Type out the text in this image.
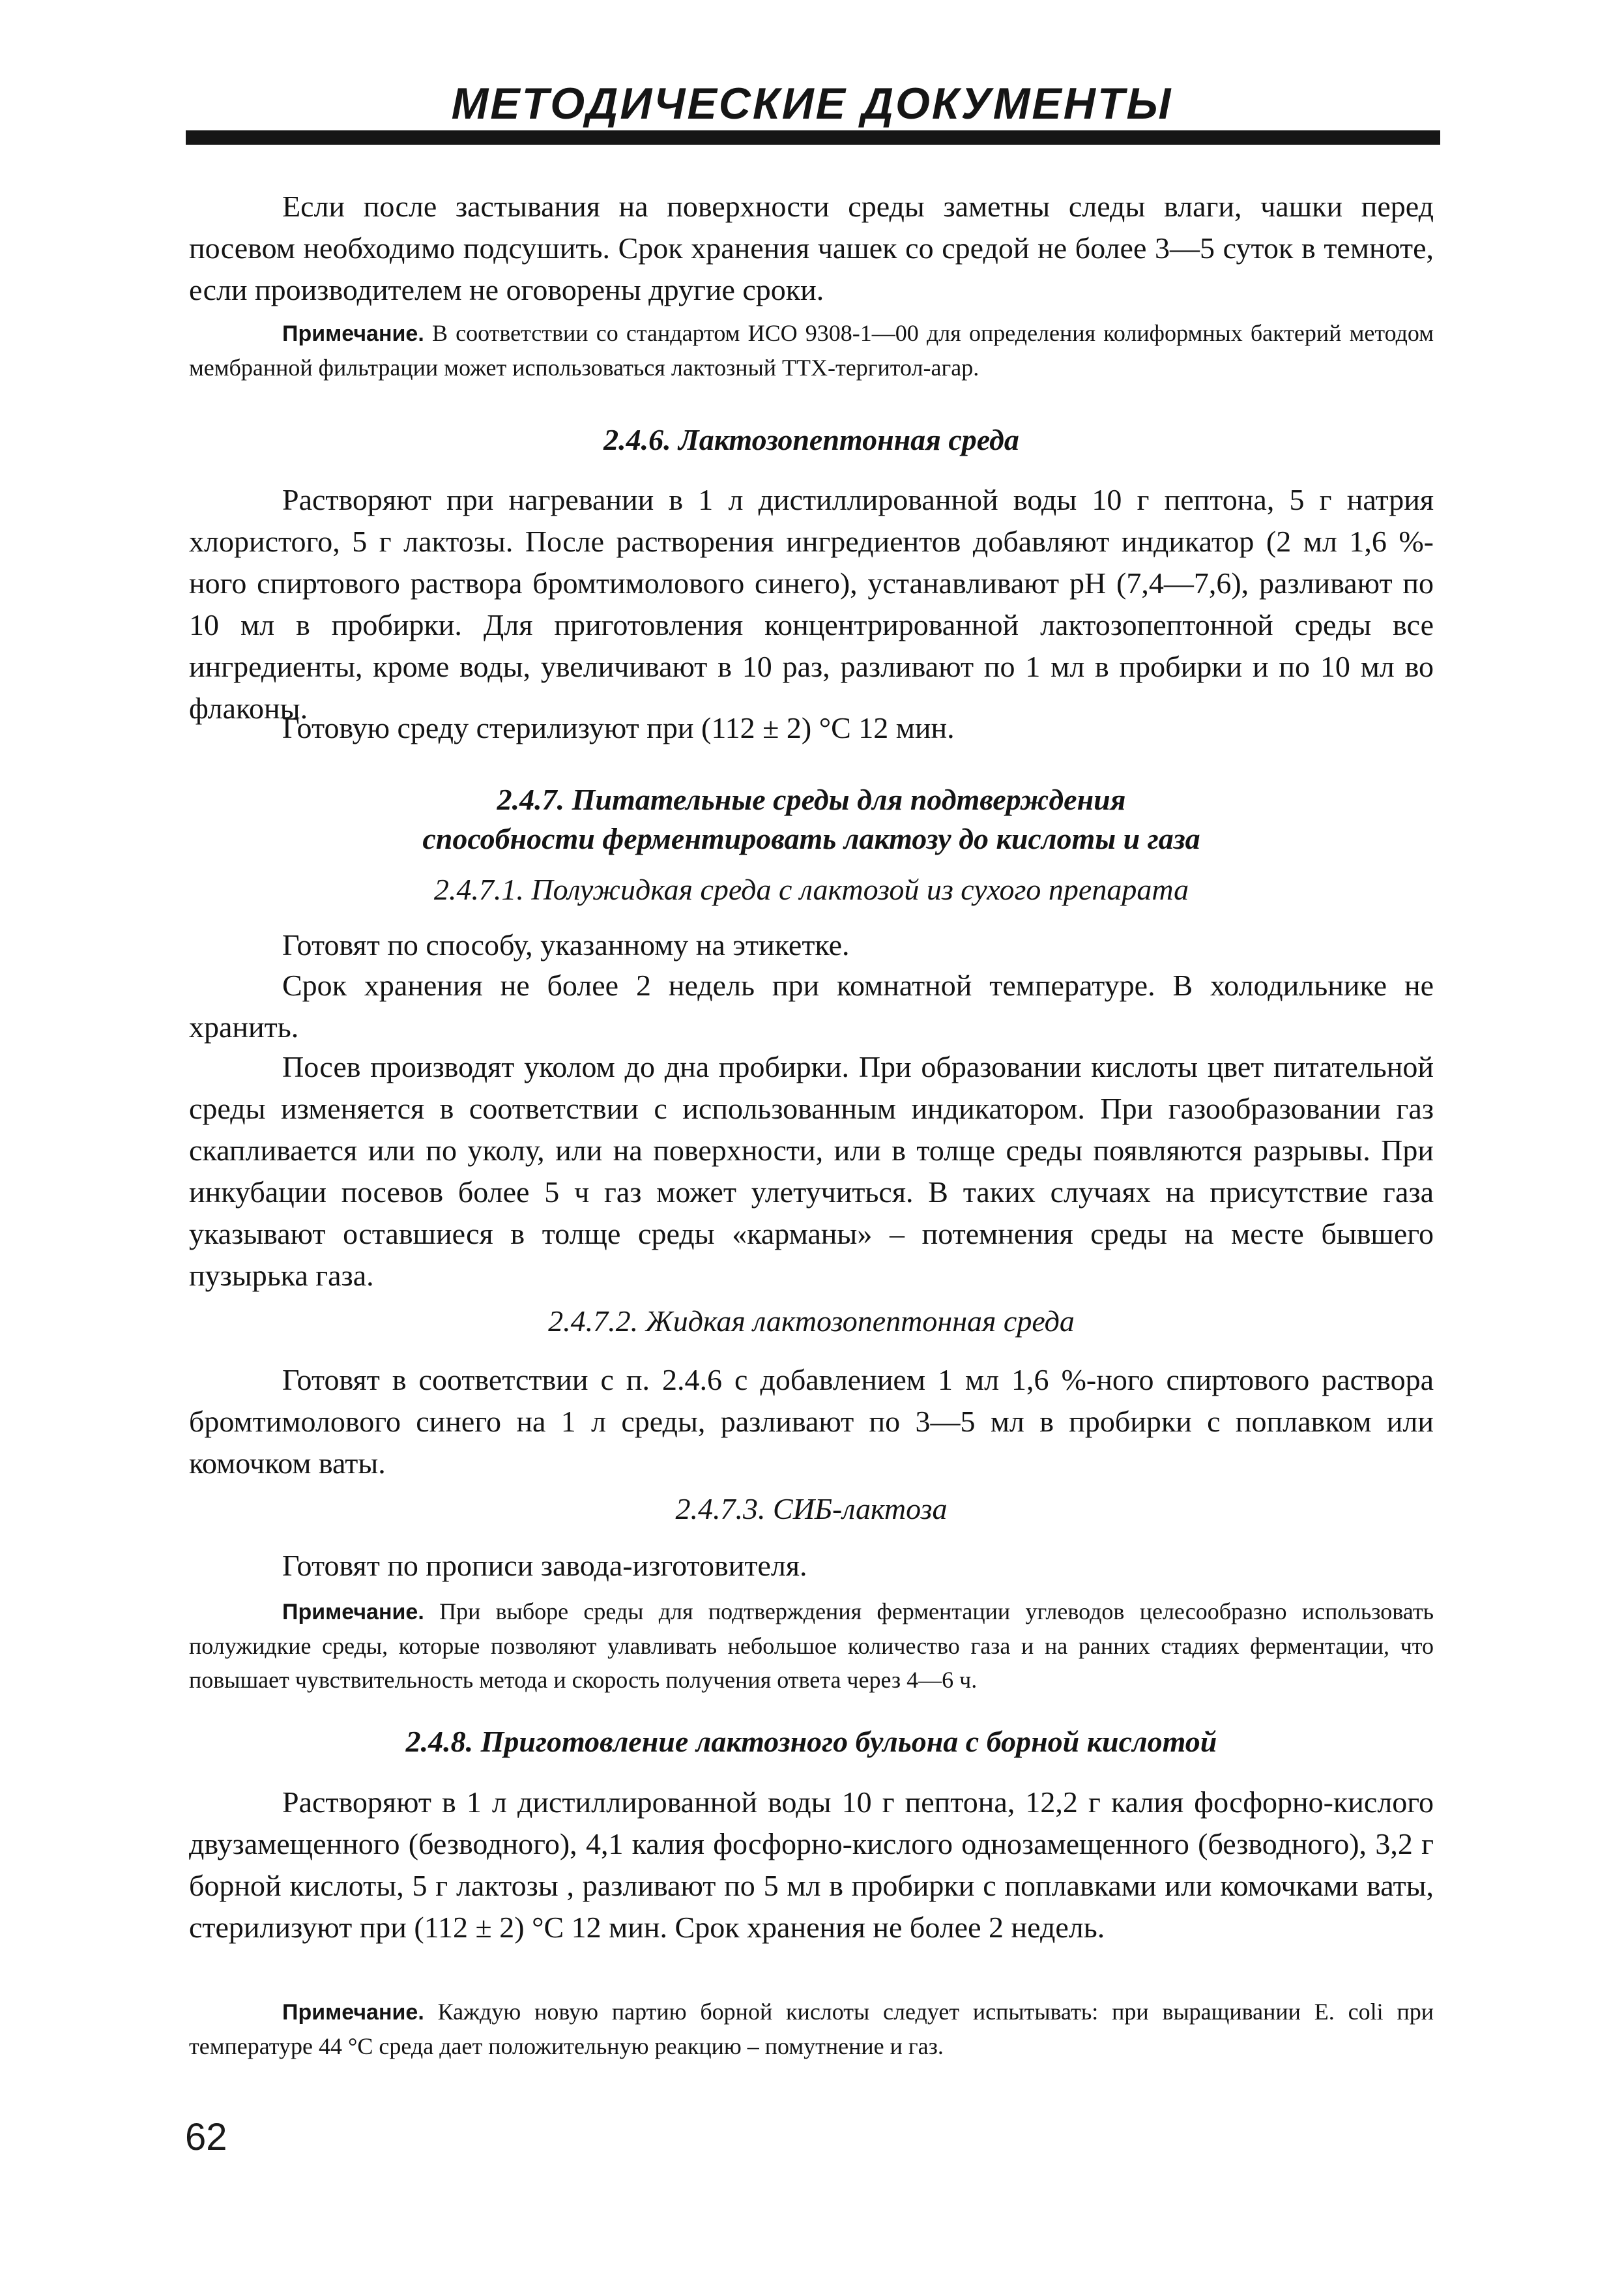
МЕТОДИЧЕСКИЕ ДОКУМЕНТЫ
Если после застывания на поверхности среды заметны следы влаги, чашки перед посевом необходимо подсушить. Срок хранения чашек со средой не более 3—5 суток в темноте, если производителем не оговорены другие сроки.
Примечание. В соответствии со стандартом ИСО 9308-1—00 для определения колиформных бактерий методом мембранной фильтрации может использоваться лактозный ТТХ-тергитол-агар.
2.4.6. Лактозопептонная среда
Растворяют при нагревании в 1 л дистиллированной воды 10 г пептона, 5 г натрия хлористого, 5 г лактозы. После растворения ингредиентов добавляют индикатор (2 мл 1,6 %-ного спиртового раствора бромтимолового синего), устанавливают pH (7,4—7,6), разливают по 10 мл в пробирки. Для приготовления концентрированной лактозопептонной среды все ингредиенты, кроме воды, увеличивают в 10 раз, разливают по 1 мл в пробирки и по 10 мл во флаконы.
Готовую среду стерилизуют при (112 ± 2) °C 12 мин.
2.4.7. Питательные среды для подтверждения
способности ферментировать лактозу до кислоты и газа
2.4.7.1. Полужидкая среда с лактозой из сухого препарата
Готовят по способу, указанному на этикетке.
Срок хранения не более 2 недель при комнатной температуре. В холодильнике не хранить.
Посев производят уколом до дна пробирки. При образовании кислоты цвет питательной среды изменяется в соответствии с использованным индикатором. При газообразовании газ скапливается или по уколу, или на поверхности, или в толще среды появляются разрывы. При инкубации посевов более 5 ч газ может улетучиться. В таких случаях на присутствие газа указывают оставшиеся в толще среды «карманы» – потемнения среды на месте бывшего пузырька газа.
2.4.7.2. Жидкая лактозопептонная среда
Готовят в соответствии с п. 2.4.6 с добавлением 1 мл 1,6 %-ного спиртового раствора бромтимолового синего на 1 л среды, разливают по 3—5 мл в пробирки с поплавком или комочком ваты.
2.4.7.3. СИБ-лактоза
Готовят по прописи завода-изготовителя.
Примечание. При выборе среды для подтверждения ферментации углеводов целесообразно использовать полужидкие среды, которые позволяют улавливать небольшое количество газа и на ранних стадиях ферментации, что повышает чувствительность метода и скорость получения ответа через 4—6 ч.
2.4.8. Приготовление лактозного бульона с борной кислотой
Растворяют в 1 л дистиллированной воды 10 г пептона, 12,2 г калия фосфорно-кислого двузамещенного (безводного), 4,1 калия фосфорно-кислого однозамещенного (безводного), 3,2 г борной кислоты, 5 г лактозы , разливают по 5 мл в пробирки с поплавками или комочками ваты, стерилизуют при (112 ± 2) °C 12 мин. Срок хранения не более 2 недель.
Примечание. Каждую новую партию борной кислоты следует испытывать: при выращивании E. coli при температуре 44 °C среда дает положительную реакцию – помутнение и газ.
62
